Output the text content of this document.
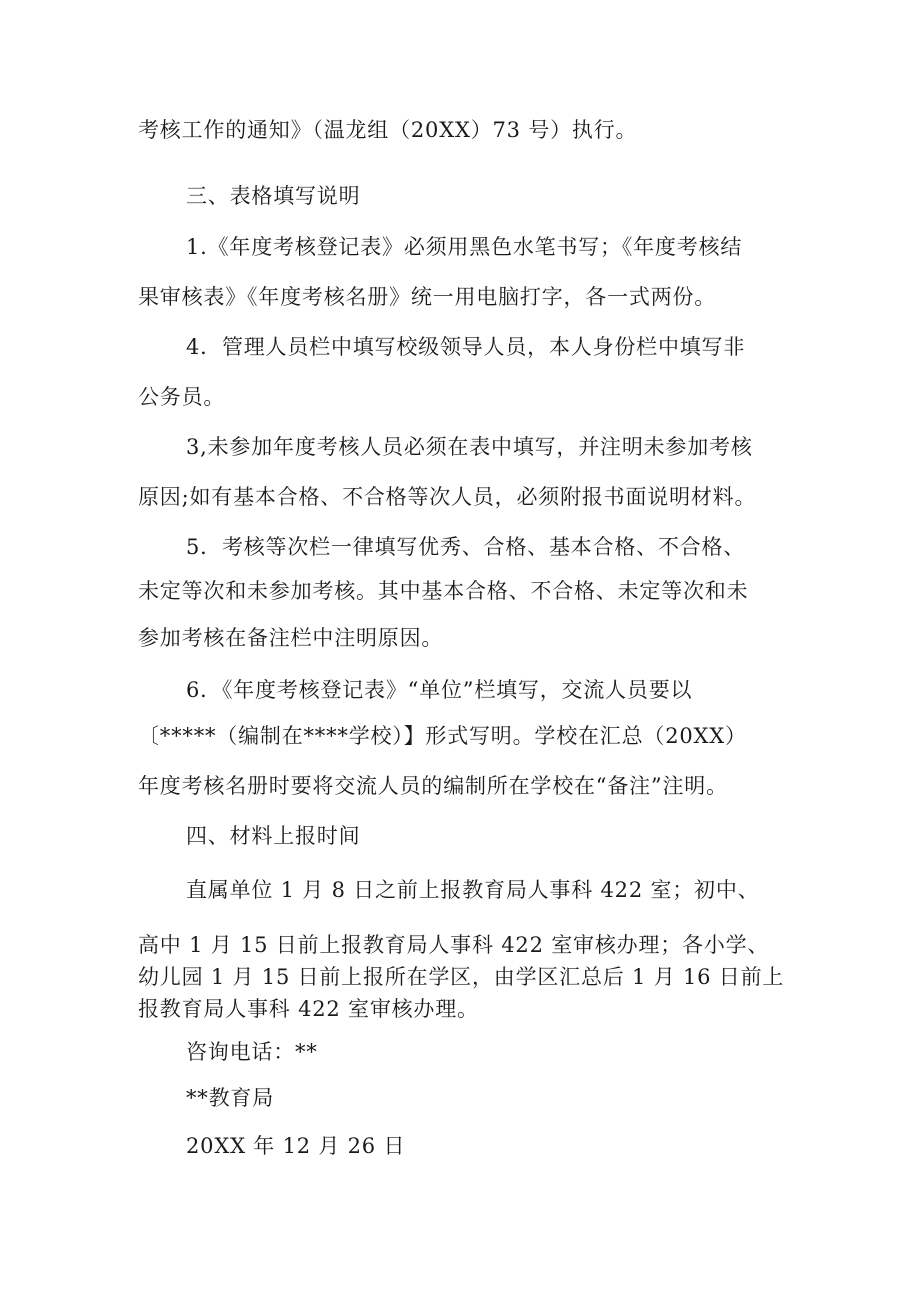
考核工作的通知》（温龙组（20XX）73 号）执行。

三、表格填写说明

1.《年度考核登记表》必须用黑色水笔书写；《年度考核结

果审核表》《年度考核名册》统一用电脑打字，各一式两份。

4．管理人员栏中填写校级领导人员，本人身份栏中填写非

公务员。

3,未参加年度考核人员必须在表中填写，并注明未参加考核

原因;如有基本合格、不合格等次人员，必须附报书面说明材料。

5．考核等次栏一律填写优秀、合格、基本合格、不合格、

未定等次和未参加考核。其中基本合格、不合格、未定等次和未

参加考核在备注栏中注明原因。

6．《年度考核登记表》“单位”栏填写，交流人员要以

〔*****（编制在****学校）】形式写明。学校在汇总（20XX）

年度考核名册时要将交流人员的编制所在学校在“备注”注明。

四、材料上报时间

直属单位 1 月 8 日之前上报教育局人事科 422 室；初中、

高中 1 月 15 日前上报教育局人事科 422 室审核办理；各小学、

幼儿园 1 月 15 日前上报所在学区，由学区汇总后 1 月 16 日前上

报教育局人事科 422 室审核办理。

咨询电话：**

**教育局

20XX 年 12 月 26 日
